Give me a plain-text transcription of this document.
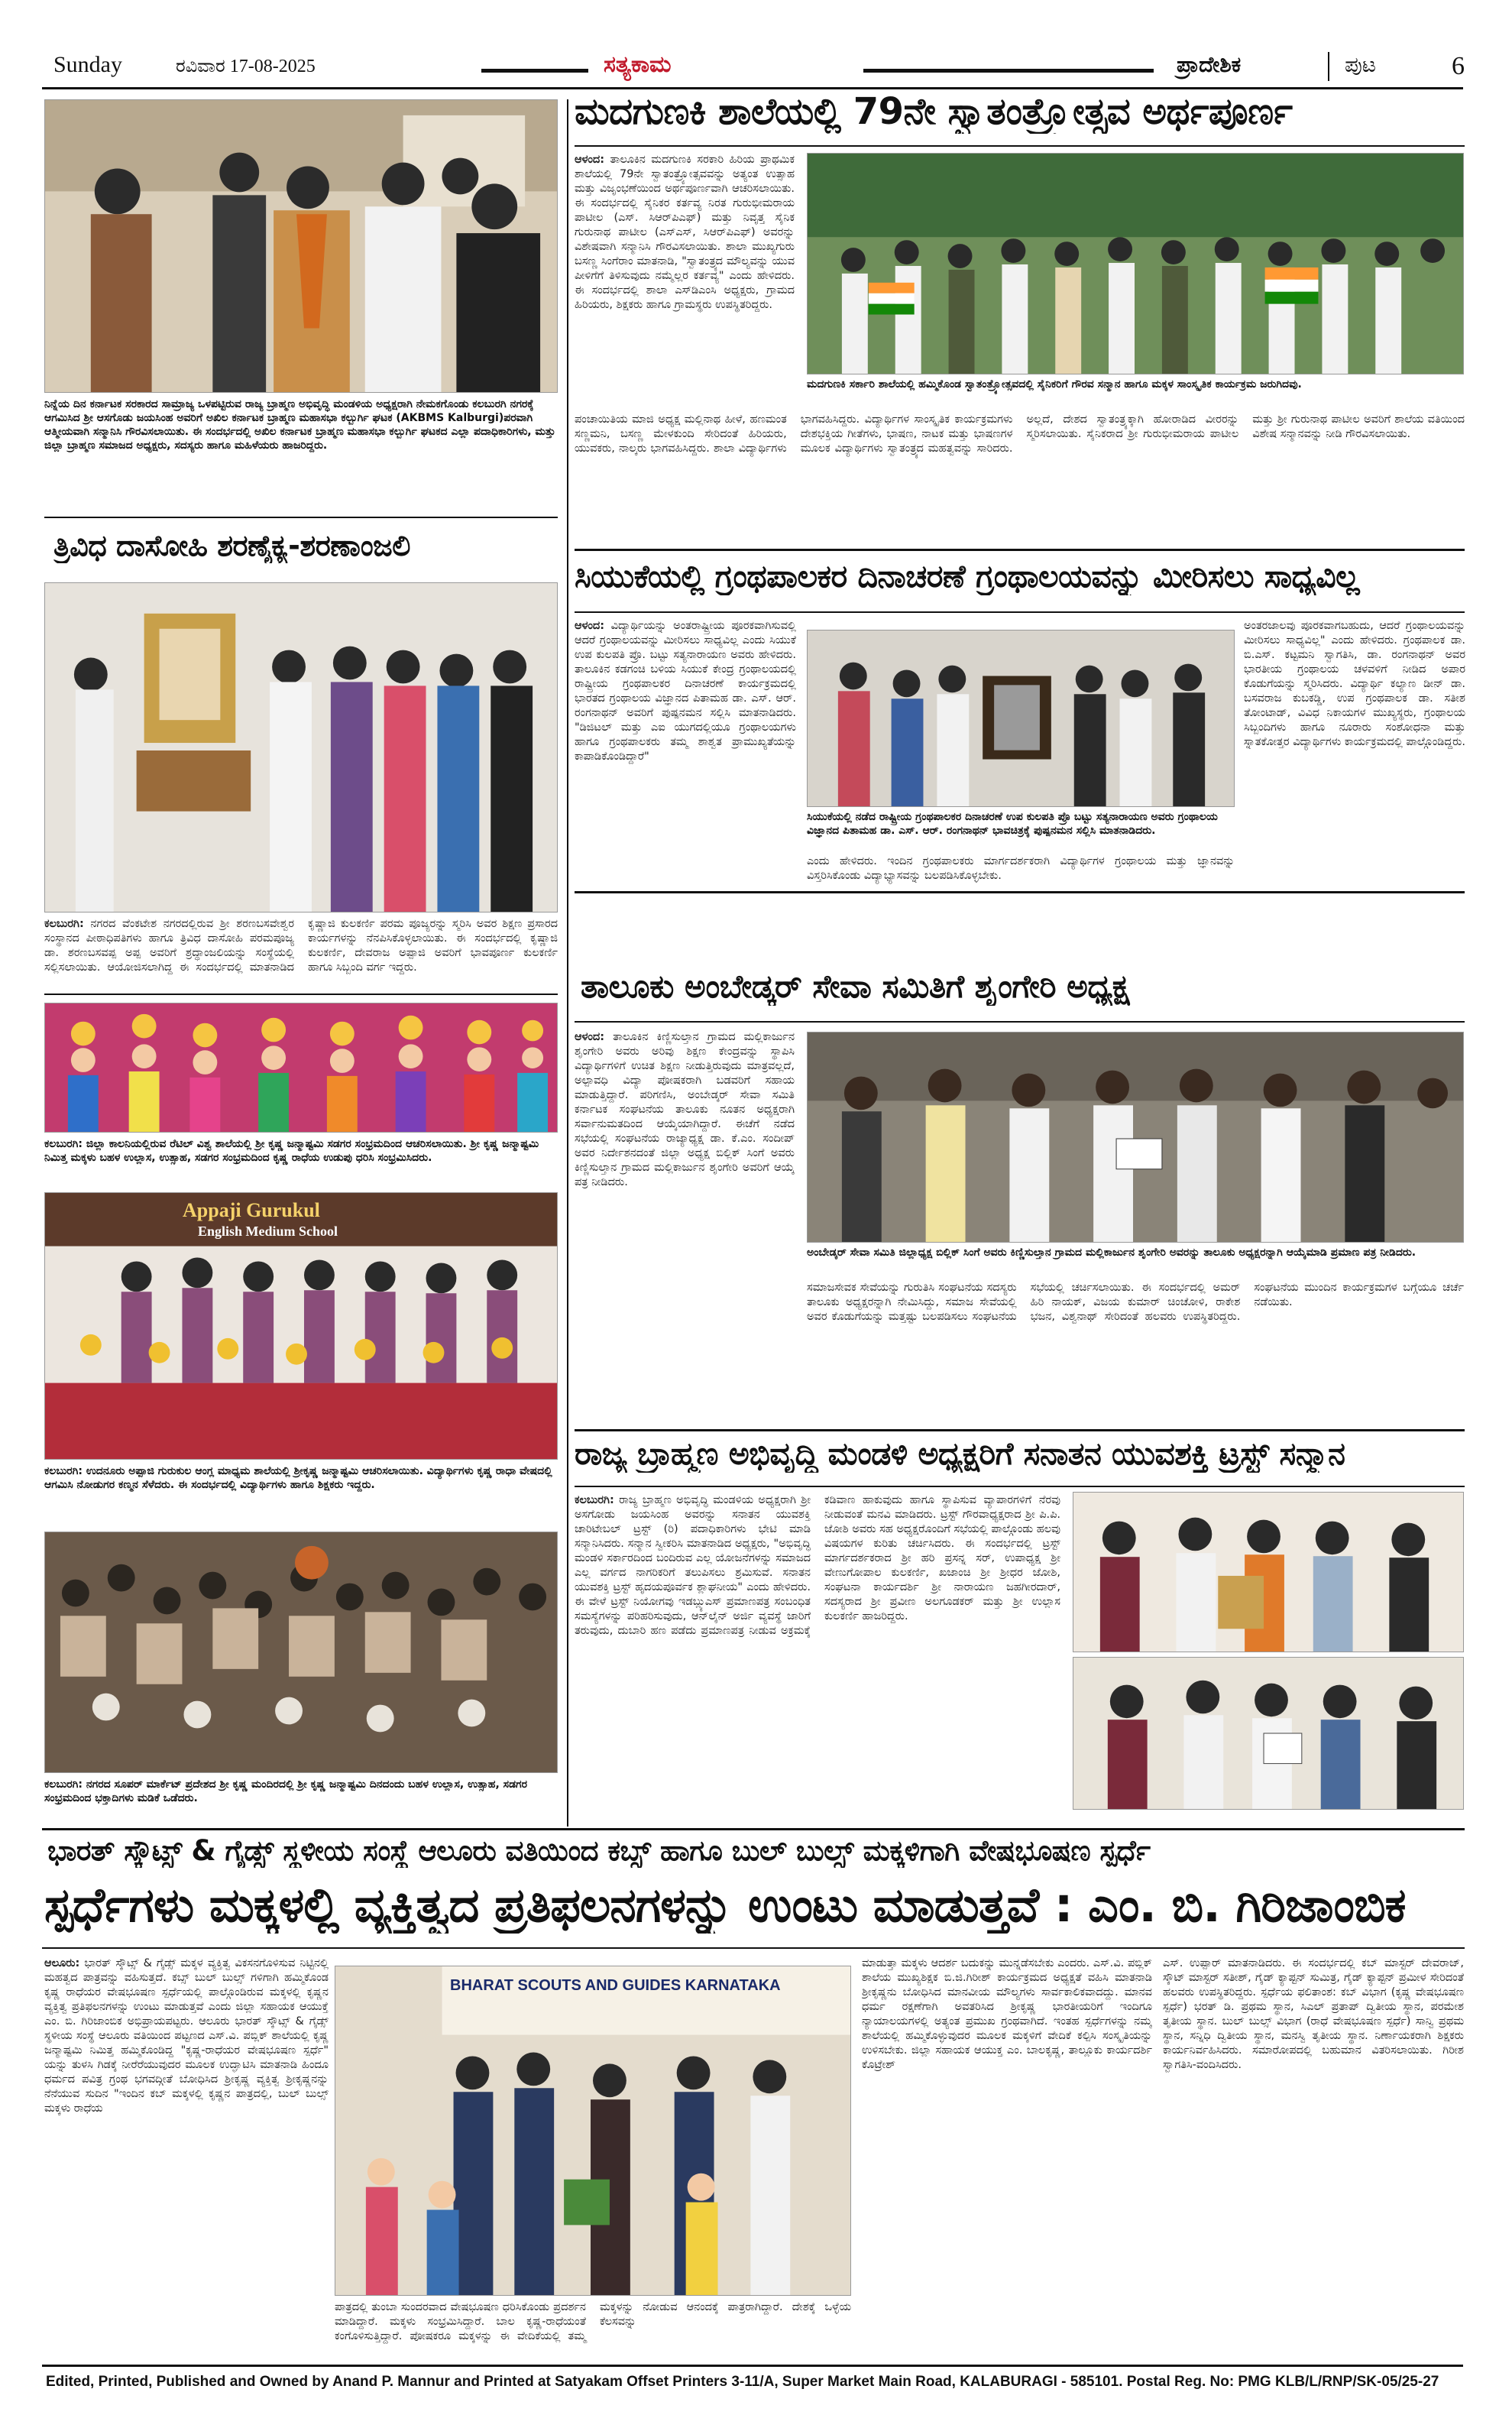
Sunday	ರವಿವಾರ 17-08-2025	ಸತ್ಯಕಾಮ	ಪ್ರಾದೇಶಿಕ	ಪುಟ	6
ನಿನ್ನೆಯ ದಿನ ಕರ್ನಾಟಕ ಸರಕಾರದ ಸಾಮ್ರಾಜ್ಯ ಒಳಪಟ್ಟಿರುವ ರಾಜ್ಯ ಬ್ರಾಹ್ಮಣ ಅಭಿವೃದ್ಧಿ ಮಂಡಳಿಯ ಅಧ್ಯಕ್ಷರಾಗಿ ನೇಮಕಗೊಂಡು ಕಲಬುರಗಿ ನಗರಕ್ಕೆ ಆಗಮಿಸಿದ ಶ್ರೀ ಆಸಗೊಡು ಜಯಸಿಂಹ ಅವರಿಗೆ ಅಖಿಲ ಕರ್ನಾಟಕ ಬ್ರಾಹ್ಮಣ ಮಹಾಸಭಾ ಕಲ್ಬುರ್ಗಿ ಘಟಕ (AKBMS Kalburgi)ಪರವಾಗಿ ಆತ್ಮೀಯವಾಗಿ ಸನ್ಮಾನಿಸಿ ಗೌರವಿಸಲಾಯಿತು. ಈ ಸಂದರ್ಭದಲ್ಲಿ ಅಖಿಲ ಕರ್ನಾಟಕ ಬ್ರಾಹ್ಮಣ ಮಹಾಸಭಾ ಕಲ್ಬುರ್ಗಿ ಘಟಕದ ಎಲ್ಲಾ ಪದಾಧಿಕಾರಿಗಳು, ಮತ್ತು ಜಿಲ್ಲಾ ಬ್ರಾಹ್ಮಣ ಸಮಾಜದ ಅಧ್ಯಕ್ಷರು, ಸದಸ್ಯರು ಹಾಗೂ ಮಹಿಳೆಯರು ಹಾಜರಿದ್ದರು.
ತ್ರಿವಿಧ ದಾಸೋಹಿ ಶರಣೈಕ್ಯ-ಶರಣಾಂಜಲಿ
ಕಲಬುರಗಿ: ನಗರದ ವೆಂಕಟೇಶ ನಗರದಲ್ಲಿರುವ ಶ್ರೀ ಶರಣಬಸವೇಶ್ವರ ಸಂಸ್ಥಾನದ ಪೀಠಾಧಿಪತಿಗಳು ಹಾಗೂ ತ್ರಿವಿಧ ದಾಸೋಹಿ ಪರಮಪೂಜ್ಯ ಡಾ. ಶರಣಬಸವಪ್ಪ ಅಪ್ಪ ಅವರಿಗೆ ಶ್ರದ್ಧಾಂಜಲಿಯನ್ನು ಸಂಸ್ಥೆಯಲ್ಲಿ ಸಲ್ಲಿಸಲಾಯಿತು. ಆಯೋಜಿಸಲಾಗಿದ್ದ ಈ ಸಂದರ್ಭದಲ್ಲಿ ಮಾತನಾಡಿದ ಕೃಷ್ಣಾಜಿ ಕುಲಕರ್ಣಿ ಪರಮ ಪೂಜ್ಯರನ್ನು ಸ್ಮರಿಸಿ ಅವರ ಶಿಕ್ಷಣ ಪ್ರಸಾರದ ಕಾರ್ಯಗಳನ್ನು ನೆನಪಿಸಿಕೊಳ್ಳಲಾಯಿತು. ಈ ಸಂದರ್ಭದಲ್ಲಿ ಕೃಷ್ಣಾಜಿ ಕುಲಕರ್ಣಿ, ದೇವರಾಜ ಅಪ್ಪಾಜಿ ಅವರಿಗೆ ಭಾವಪೂರ್ಣ ಕುಲಕರ್ಣಿ ಹಾಗೂ ಸಿಬ್ಬಂದಿ ವರ್ಗ ಇದ್ದರು.
ಕಲಬುರಗಿ: ಜಿಲ್ಲಾ ಕಾಲನಿಯಲ್ಲಿರುವ ರೆಟಿಲ್ ವಿಶ್ವ ಶಾಲೆಯಲ್ಲಿ ಶ್ರೀ ಕೃಷ್ಣ ಜನ್ಮಾಷ್ಟಮಿ ಸಡಗರ ಸಂಭ್ರಮದಿಂದ ಆಚರಿಸಲಾಯಿತು. ಶ್ರೀ ಕೃಷ್ಣ ಜನ್ಮಾಷ್ಟಮಿ ನಿಮಿತ್ತ ಮಕ್ಕಳು ಬಹಳ ಉಲ್ಲಾಸ, ಉತ್ಸಾಹ, ಸಡಗರ ಸಂಭ್ರಮದಿಂದ ಕೃಷ್ಣ ರಾಧೆಯ ಉಡುಪು ಧರಿಸಿ ಸಂಭ್ರಮಿಸಿದರು.
Appaji Gurukul
English Medium School
ಕಲಬುರಗಿ: ಉದನೂರು ಅಪ್ಪಾಜಿ ಗುರುಕುಲ ಆಂಗ್ಲ ಮಾಧ್ಯಮ ಶಾಲೆಯಲ್ಲಿ ಶ್ರೀಕೃಷ್ಣ ಜನ್ಮಾಷ್ಟಮಿ ಆಚರಿಸಲಾಯಿತು. ವಿದ್ಯಾರ್ಥಿಗಳು ಕೃಷ್ಣ ರಾಧಾ ವೇಷದಲ್ಲಿ ಆಗಮಿಸಿ ನೋಡುಗರ ಕಣ್ಮನ ಸೆಳೆದರು. ಈ ಸಂದರ್ಭದಲ್ಲಿ ವಿದ್ಯಾರ್ಥಿಗಳು ಹಾಗೂ ಶಿಕ್ಷಕರು ಇದ್ದರು.
ಕಲಬುರಗಿ: ನಗರದ ಸೂಪರ್ ಮಾರ್ಕೆಟ್ ಪ್ರದೇಶದ ಶ್ರೀ ಕೃಷ್ಣ ಮಂದಿರದಲ್ಲಿ ಶ್ರೀ ಕೃಷ್ಣ ಜನ್ಮಾಷ್ಟಮಿ ದಿನದಂದು ಬಹಳ ಉಲ್ಲಾಸ, ಉತ್ಸಾಹ, ಸಡಗರ ಸಂಭ್ರಮದಿಂದ ಭಕ್ತಾದಿಗಳು ಮಡಿಕೆ ಒಡೆದರು.
ಮದಗುಣಕಿ ಶಾಲೆಯಲ್ಲಿ 79ನೇ ಸ್ವಾತಂತ್ರ್ಯೋತ್ಸವ ಅರ್ಥಪೂರ್ಣ
ಆಳಂದ: ತಾಲೂಕಿನ ಮದಗುಣಕಿ ಸರಕಾರಿ ಹಿರಿಯ ಪ್ರಾಥಮಿಕ ಶಾಲೆಯಲ್ಲಿ 79ನೇ ಸ್ವಾತಂತ್ರ್ಯೋತ್ಸವವನ್ನು ಅತ್ಯಂತ ಉತ್ಸಾಹ ಮತ್ತು ವಿಜೃಂಭಣೆಯಿಂದ ಅರ್ಥಪೂರ್ಣವಾಗಿ ಆಚರಿಸಲಾಯಿತು. ಈ ಸಂದರ್ಭದಲ್ಲಿ ಸೈನಿಕರ ಕರ್ತವ್ಯ ನಿರತ ಗುರುಭೀಮರಾಯ ಪಾಟೀಲ (ಎಸ್. ಸಿಆರ್‌ಪಿಎಫ್) ಮತ್ತು ನಿವೃತ್ತ ಸೈನಿಕ ಗುರುನಾಥ ಪಾಟೀಲ (ಎಸ್‌ಎಸ್, ಸಿಆರ್‌ಪಿಎಫ್) ಅವರನ್ನು ವಿಶೇಷವಾಗಿ ಸನ್ಮಾನಿಸಿ ಗೌರವಿಸಲಾಯಿತು. ಶಾಲಾ ಮುಖ್ಯಗುರು ಬಸಣ್ಣ ಸಿಂಗೆರಾಂ ಮಾತನಾಡಿ, "ಸ್ವಾತಂತ್ರ್ಯದ ಮೌಲ್ಯವನ್ನು ಯುವ ಪೀಳಿಗೆಗೆ ತಿಳಿಸುವುದು ನಮ್ಮೆಲ್ಲರ ಕರ್ತವ್ಯ" ಎಂದು ಹೇಳಿದರು. ಈ ಸಂದರ್ಭದಲ್ಲಿ ಶಾಲಾ ಎಸ್‌ಡಿಎಂಸಿ ಅಧ್ಯಕ್ಷರು, ಗ್ರಾಮದ ಹಿರಿಯರು, ಶಿಕ್ಷಕರು ಹಾಗೂ ಗ್ರಾಮಸ್ಥರು ಉಪಸ್ಥಿತರಿದ್ದರು.
ಮದಗುಣಕಿ ಸರ್ಕಾರಿ ಶಾಲೆಯಲ್ಲಿ ಹಮ್ಮಿಕೊಂಡ ಸ್ವಾತಂತ್ರ್ಯೋತ್ಸವದಲ್ಲಿ ಸೈನಿಕರಿಗೆ ಗೌರವ ಸನ್ಮಾನ ಹಾಗೂ ಮಕ್ಕಳ ಸಾಂಸ್ಕೃತಿಕ ಕಾರ್ಯಕ್ರಮ ಜರುಗಿದವು.
ಪಂಚಾಯಿತಿಯ ಮಾಜಿ ಅಧ್ಯಕ್ಷ ಮಲ್ಲಿನಾಥ ಹೀಳೆ, ಹಣಮಂತ ಸಣ್ಣಮನಿ, ಬಸಣ್ಣ ಮೇಳಕುಂದಿ ಸೇರಿದಂತೆ ಹಿರಿಯರು, ಯುವಕರು, ನಾಲ್ಕರು ಭಾಗವಹಿಸಿದ್ದರು. ಶಾಲಾ ವಿದ್ಯಾರ್ಥಿಗಳು ಭಾಗವಹಿಸಿದ್ದರು. ವಿದ್ಯಾರ್ಥಿಗಳ ಸಾಂಸ್ಕೃತಿಕ ಕಾರ್ಯಕ್ರಮಗಳು ದೇಶಭಕ್ತಿಯ ಗೀತೆಗಳು, ಭಾಷಣ, ನಾಟಕ ಮತ್ತು ಭಾಷಣಗಳ ಮೂಲಕ ವಿದ್ಯಾರ್ಥಿಗಳು ಸ್ವಾತಂತ್ರ್ಯದ ಮಹತ್ವವನ್ನು ಸಾರಿದರು. ಅಲ್ಲದೆ, ದೇಶದ ಸ್ವಾತಂತ್ರ್ಯಕ್ಕಾಗಿ ಹೋರಾಡಿದ ವೀರರನ್ನು ಸ್ಮರಿಸಲಾಯಿತು. ಸೈನಿಕರಾದ ಶ್ರೀ ಗುರುಭೀಮರಾಯ ಪಾಟೀಲ ಮತ್ತು ಶ್ರೀ ಗುರುನಾಥ ಪಾಟೀಲ ಅವರಿಗೆ ಶಾಲೆಯ ವತಿಯಿಂದ ವಿಶೇಷ ಸನ್ಮಾನವನ್ನು ನೀಡಿ ಗೌರವಿಸಲಾಯಿತು.
ಸಿಯುಕೆಯಲ್ಲಿ ಗ್ರಂಥಪಾಲಕರ ದಿನಾಚರಣೆ ಗ್ರಂಥಾಲಯವನ್ನು ಮೀರಿಸಲು ಸಾಧ್ಯವಿಲ್ಲ
ಆಳಂದ: ವಿದ್ಯಾರ್ಥಿಯನ್ನು ಅಂತರಾಷ್ಟ್ರೀಯ ಪೂರಕವಾಗಿಸುವಲ್ಲಿ ಆದರೆ ಗ್ರಂಥಾಲಯವನ್ನು ಮೀರಿಸಲು ಸಾಧ್ಯವಿಲ್ಲ ಎಂದು ಸಿಯುಕೆ ಉಪ ಕುಲಪತಿ ಪ್ರೊ. ಬಟ್ಟು ಸತ್ಯನಾರಾಯಣ ಅವರು ಹೇಳಿದರು. ತಾಲೂಕಿನ ಕಡಗಂಚಿ ಬಳಿಯ ಸಿಯುಕೆ ಕೇಂದ್ರ ಗ್ರಂಥಾಲಯದಲ್ಲಿ ರಾಷ್ಟ್ರೀಯ ಗ್ರಂಥಪಾಲಕರ ದಿನಾಚರಣೆ ಕಾರ್ಯಕ್ರಮದಲ್ಲಿ ಭಾರತದ ಗ್ರಂಥಾಲಯ ವಿಜ್ಞಾನದ ಪಿತಾಮಹ ಡಾ. ಎಸ್. ಆರ್. ರಂಗನಾಥನ್ ಅವರಿಗೆ ಪುಷ್ಪನಮನ ಸಲ್ಲಿಸಿ ಮಾತನಾಡಿದರು. "ಡಿಜಿಟಲ್ ಮತ್ತು ಎಐ ಯುಗದಲ್ಲಿಯೂ ಗ್ರಂಥಾಲಯಗಳು ಹಾಗೂ ಗ್ರಂಥಪಾಲಕರು ತಮ್ಮ ಶಾಶ್ವತ ಪ್ರಾಮುಖ್ಯತೆಯನ್ನು ಕಾಪಾಡಿಕೊಂಡಿದ್ದಾರೆ"
ಸಿಯುಕೆಯಲ್ಲಿ ನಡೆದ ರಾಷ್ಟ್ರೀಯ ಗ್ರಂಥಪಾಲಕರ ದಿನಾಚರಣೆ ಉಪ ಕುಲಪತಿ ಪ್ರೊ ಬಟ್ಟು ಸತ್ಯನಾರಾಯಣ ಅವರು ಗ್ರಂಥಾಲಯ ವಿಜ್ಞಾನದ ಪಿತಾಮಹ ಡಾ. ಎಸ್. ಆರ್. ರಂಗನಾಥನ್ ಭಾವಚಿತ್ರಕ್ಕೆ ಪುಷ್ಪನಮನ ಸಲ್ಲಿಸಿ ಮಾತನಾಡಿದರು.
ಅಂತರಜಾಲವು ಪೂರಕವಾಗಬಹುದು, ಆದರೆ ಗ್ರಂಥಾಲಯವನ್ನು ಮೀರಿಸಲು ಸಾಧ್ಯವಿಲ್ಲ" ಎಂದು ಹೇಳಿದರು. ಗ್ರಂಥಪಾಲಕ ಡಾ. ಬಿ.ಎಸ್. ಕಟ್ಟಮನಿ ಸ್ವಾಗತಿಸಿ, ಡಾ. ರಂಗನಾಥನ್ ಅವರ ಭಾರತೀಯ ಗ್ರಂಥಾಲಯ ಚಳವಳಿಗೆ ನೀಡಿದ ಅಪಾರ ಕೊಡುಗೆಯನ್ನು ಸ್ಮರಿಸಿದರು. ವಿದ್ಯಾರ್ಥಿ ಕಲ್ಯಾಣ ಡೀನ್ ಡಾ. ಬಸವರಾಜ ಕುಬಕಡ್ಡಿ, ಉಪ ಗ್ರಂಥಪಾಲಕ ಡಾ. ಸತೀಶ ತೋಂಟಾಡ್, ವಿವಿಧ ನಿಕಾಯಗಳ ಮುಖ್ಯಸ್ಥರು, ಗ್ರಂಥಾಲಯ ಸಿಬ್ಬಂದಿಗಳು ಹಾಗೂ ನೂರಾರು ಸಂಶೋಧನಾ ಮತ್ತು ಸ್ನಾತಕೋತ್ತರ ವಿದ್ಯಾರ್ಥಿಗಳು ಕಾರ್ಯಕ್ರಮದಲ್ಲಿ ಪಾಲ್ಗೊಂಡಿದ್ದರು.
ಎಂದು ಹೇಳಿದರು. ಇಂದಿನ ಗ್ರಂಥಪಾಲಕರು ಮಾರ್ಗದರ್ಶಕರಾಗಿ ವಿದ್ಯಾರ್ಥಿಗಳ ಗ್ರಂಥಾಲಯ ಮತ್ತು ಜ್ಞಾನವನ್ನು ವಿಸ್ತರಿಸಿಕೊಂಡು ವಿದ್ಯಾಭ್ಯಾಸವನ್ನು ಬಲಪಡಿಸಿಕೊಳ್ಳಬೇಕು.
ತಾಲೂಕು ಅಂಬೇಡ್ಕರ್ ಸೇವಾ ಸಮಿತಿಗೆ ಶೃಂಗೇರಿ ಅಧ್ಯಕ್ಷ
ಆಳಂದ: ತಾಲೂಕಿನ ಕಿಣ್ಣಿಸುಲ್ತಾನ ಗ್ರಾಮದ ಮಲ್ಲಿಕಾರ್ಜುನ ಶೃಂಗೇರಿ ಅವರು ಅರಿವು ಶಿಕ್ಷಣ ಕೇಂದ್ರವನ್ನು ಸ್ಥಾಪಿಸಿ ವಿದ್ಯಾರ್ಥಿಗಳಿಗೆ ಉಚಿತ ಶಿಕ್ಷಣ ನೀಡುತ್ತಿರುವುದು ಮಾತ್ರವಲ್ಲದೆ, ಅಲ್ಪಾವಧಿ ವಿದ್ಯಾ ಪೋಷಕರಾಗಿ ಬಡವರಿಗೆ ಸಹಾಯ ಮಾಡುತ್ತಿದ್ದಾರೆ. ಪರಿಗಣಿಸಿ, ಅಂಬೇಡ್ಕರ್ ಸೇವಾ ಸಮಿತಿ ಕರ್ನಾಟಕ ಸಂಘಟನೆಯ ತಾಲೂಕು ನೂತನ ಅಧ್ಯಕ್ಷರಾಗಿ ಸರ್ವಾನುಮತದಿಂದ ಆಯ್ಕೆಯಾಗಿದ್ದಾರೆ. ಈಚೆಗೆ ನಡೆದ ಸಭೆಯಲ್ಲಿ ಸಂಘಟನೆಯ ರಾಜ್ಯಾಧ್ಯಕ್ಷ ಡಾ. ಕೆ.ಎಂ. ಸಂದೀಪ್ ಅವರ ನಿರ್ದೇಶನದಂತೆ ಜಿಲ್ಲಾ ಅಧ್ಯಕ್ಷ ಬಿಲ್ಲಿಕ್ ಸಿಂಗೆ ಅವರು ಕಿಣ್ಣಿಸುಲ್ತಾನ ಗ್ರಾಮದ ಮಲ್ಲಿಕಾರ್ಜುನ ಶೃಂಗೇರಿ ಅವರಿಗೆ ಆಯ್ಕೆ ಪತ್ರ ನೀಡಿದರು.
ಅಂಬೇಡ್ಕರ್ ಸೇವಾ ಸಮಿತಿ ಜಿಲ್ಲಾಧ್ಯಕ್ಷ ಬಿಲ್ಲಿಕ್ ಸಿಂಗೆ ಅವರು ಕಿಣ್ಣಿಸುಲ್ತಾನ ಗ್ರಾಮದ ಮಲ್ಲಿಕಾರ್ಜುನ ಶೃಂಗೇರಿ ಅವರನ್ನು ತಾಲೂಕು ಅಧ್ಯಕ್ಷರನ್ನಾಗಿ ಆಯ್ಕೆಮಾಡಿ ಪ್ರಮಾಣ ಪತ್ರ ನೀಡಿದರು.
ಸಮಾಜಸೇವಕ ಸೇವೆಯನ್ನು ಗುರುತಿಸಿ ಸಂಘಟನೆಯ ಸದಸ್ಯರು ತಾಲೂಕು ಅಧ್ಯಕ್ಷರನ್ನಾಗಿ ನೇಮಿಸಿದ್ದು, ಸಮಾಜ ಸೇವೆಯಲ್ಲಿ ಅವರ ಕೊಡುಗೆಯನ್ನು ಮತ್ತಷ್ಟು ಬಲಪಡಿಸಲು ಸಂಘಟನೆಯ ಸಭೆಯಲ್ಲಿ ಚರ್ಚಿಸಲಾಯಿತು. ಈ ಸಂದರ್ಭದಲ್ಲಿ ಅಮರ್ ಹಿರಿ ನಾಯಕ್, ವಿಜಯ ಕುಮಾರ್ ಚಿಂಚೋಳಿ, ರಾಕೇಶ ಭಜನ, ವಿಶ್ವನಾಥ್ ಸೇರಿದಂತೆ ಹಲವರು ಉಪಸ್ಥಿತರಿದ್ದರು. ಸಂಘಟನೆಯ ಮುಂದಿನ ಕಾರ್ಯಕ್ರಮಗಳ ಬಗ್ಗೆಯೂ ಚರ್ಚೆ ನಡೆಯಿತು.
ರಾಜ್ಯ ಬ್ರಾಹ್ಮಣ ಅಭಿವೃದ್ಧಿ ಮಂಡಳಿ ಅಧ್ಯಕ್ಷರಿಗೆ ಸನಾತನ ಯುವಶಕ್ತಿ ಟ್ರಸ್ಟ್ ಸನ್ಮಾನ
ಕಲಬುರಗಿ: ರಾಜ್ಯ ಬ್ರಾಹ್ಮಣ ಅಭಿವೃದ್ಧಿ ಮಂಡಳಿಯ ಅಧ್ಯಕ್ಷರಾಗಿ ಶ್ರೀ ಅಸಗೋಡು ಜಯಸಿಂಹ ಅವರನ್ನು ಸನಾತನ ಯುವಶಕ್ತಿ ಚಾರಿಟೇಬಲ್ ಟ್ರಸ್ಟ್ (ರಿ) ಪದಾಧಿಕಾರಿಗಳು ಭೇಟಿ ಮಾಡಿ ಸನ್ಮಾನಿಸಿದರು. ಸನ್ಮಾನ ಸ್ವೀಕರಿಸಿ ಮಾತನಾಡಿದ ಅಧ್ಯಕ್ಷರು, "ಅಭಿವೃದ್ಧಿ ಮಂಡಳಿ ಸರ್ಕಾರದಿಂದ ಬಂದಿರುವ ಎಲ್ಲ ಯೋಜನೆಗಳನ್ನು ಸಮಾಜದ ಎಲ್ಲ ವರ್ಗದ ನಾಗರಿಕರಿಗೆ ತಲುಪಿಸಲು ಶ್ರಮಿಸುವೆ. ಸನಾತನ ಯುವಶಕ್ತಿ ಟ್ರಸ್ಟ್ ಹೃದಯಪೂರ್ವಕ ಶ್ಲಾಘನೀಯ" ಎಂದು ಹೇಳಿದರು. ಈ ವೇಳೆ ಟ್ರಸ್ಟ್ ನಿಯೋಗವು ಇಡಬ್ಲ್ಯುಎಸ್ ಪ್ರಮಾಣಪತ್ರ ಸಂಬಂಧಿತ ಸಮಸ್ಯೆಗಳನ್ನು ಪರಿಹರಿಸುವುದು, ಆನ್‌ಲೈನ್ ಅರ್ಜಿ ವ್ಯವಸ್ಥೆ ಜಾರಿಗೆ ತರುವುದು, ದುಬಾರಿ ಹಣ ಪಡೆದು ಪ್ರಮಾಣಪತ್ರ ನೀಡುವ ಅಕ್ರಮಕ್ಕೆ ಕಡಿವಾಣ ಹಾಕುವುದು ಹಾಗೂ ಸ್ಥಾಪಿಸುವ ವ್ಯಾಪಾರಗಳಿಗೆ ನೆರವು ನೀಡುವಂತೆ ಮನವಿ ಮಾಡಿದರು. ಟ್ರಸ್ಟ್ ಗೌರವಾಧ್ಯಕ್ಷರಾದ ಶ್ರೀ ಪಿ.ಪಿ. ಜೋಶಿ ಅವರು ಸಹ ಅಧ್ಯಕ್ಷರೊಂದಿಗೆ ಸಭೆಯಲ್ಲಿ ಪಾಲ್ಗೊಂಡು ಹಲವು ವಿಷಯಗಳ ಕುರಿತು ಚರ್ಚಿಸಿದರು. ಈ ಸಂದರ್ಭದಲ್ಲಿ ಟ್ರಸ್ಟ್ ಮಾರ್ಗದರ್ಶಕರಾದ ಶ್ರೀ ಹರಿ ಪ್ರಸನ್ನ ಸರ್, ಉಪಾಧ್ಯಕ್ಷ ಶ್ರೀ ವೇಣುಗೋಪಾಲ ಕುಲಕರ್ಣಿ, ಖಜಾಂಚಿ ಶ್ರೀ ಶ್ರೀಧರ ಜೋಶಿ, ಸಂಘಟನಾ ಕಾರ್ಯದರ್ಶಿ ಶ್ರೀ ನಾರಾಯಣ ಜಹಗೀರದಾರ್, ಸದಸ್ಯರಾದ ಶ್ರೀ ಪ್ರವೀಣ ಅಲಗೂಡಕರ್ ಮತ್ತು ಶ್ರೀ ಉಲ್ಲಾಸ ಕುಲಕರ್ಣಿ ಹಾಜರಿದ್ದರು.
ಭಾರತ್ ಸ್ಕೌಟ್ಸ್ & ಗೈಡ್ಸ್ ಸ್ಥಳೀಯ ಸಂಸ್ಥೆ ಆಲೂರು ವತಿಯಿಂದ ಕಬ್ಸ್ ಹಾಗೂ ಬುಲ್ ಬುಲ್ಸ್ ಮಕ್ಕಳಿಗಾಗಿ ವೇಷಭೂಷಣ ಸ್ಪರ್ಧೆ
ಸ್ಪರ್ಧೆಗಳು ಮಕ್ಕಳಲ್ಲಿ ವ್ಯಕ್ತಿತ್ವದ ಪ್ರತಿಫಲನಗಳನ್ನು ಉಂಟು ಮಾಡುತ್ತವೆ : ಎಂ. ಬಿ. ಗಿರಿಜಾಂಬಿಕ
ಆಲೂರು: ಭಾರತ್ ಸ್ಕೌಟ್ಸ್ & ಗೈಡ್ಸ್ ಮಕ್ಕಳ ವ್ಯಕ್ತಿತ್ವ ವಿಕಸನಗೊಳಿಸುವ ನಿಟ್ಟಿನಲ್ಲಿ ಮಹತ್ವದ ಪಾತ್ರವನ್ನು ವಹಿಸುತ್ತದೆ. ಕಬ್ಸ್ ಬುಲ್ ಬುಲ್ಸ್ ಗಳಿಗಾಗಿ ಹಮ್ಮಿಕೊಂಡ ಕೃಷ್ಣ ರಾಧೆಯರ ವೇಷಭೂಷಣ ಸ್ಪರ್ಧೆಯಲ್ಲಿ ಪಾಲ್ಗೊಂಡಿರುವ ಮಕ್ಕಳಲ್ಲಿ ಕೃಷ್ಣನ ವ್ಯಕ್ತಿತ್ವ ಪ್ರತಿಫಲನಗಳನ್ನು ಉಂಟು ಮಾಡುತ್ತವೆ ಎಂದು ಜಿಲ್ಲಾ ಸಹಾಯಕ ಆಯುಕ್ತೆ ಎಂ. ಬಿ. ಗಿರಿಜಾಂಬಿಕ ಅಭಿಪ್ರಾಯಪಟ್ಟರು. ಆಲೂರು ಭಾರತ್ ಸ್ಕೌಟ್ಸ್ & ಗೈಡ್ಸ್ ಸ್ಥಳೀಯ ಸಂಸ್ಥೆ ಆಲೂರು ವತಿಯಿಂದ ಪಟ್ಟಣದ ಎಸ್.ವಿ. ಪಬ್ಲಿಕ್ ಶಾಲೆಯಲ್ಲಿ ಕೃಷ್ಣ ಜನ್ಮಾಷ್ಟಮಿ ನಿಮಿತ್ತ ಹಮ್ಮಿಕೊಂಡಿದ್ದ "ಕೃಷ್ಣ-ರಾಧೆಯರ ವೇಷಭೂಷಣ ಸ್ಪರ್ಧೆ" ಯನ್ನು ತುಳಸಿ ಗಿಡಕ್ಕೆ ನೀರೆರೆಯುವುದರ ಮೂಲಕ ಉದ್ಘಾಟಿಸಿ ಮಾತನಾಡಿ ಹಿಂದೂ ಧರ್ಮದ ಪವಿತ್ರ ಗ್ರಂಥ ಭಗವದ್ಗೀತೆ ಬೋಧಿಸಿದ ಶ್ರೀಕೃಷ್ಣ ವ್ಯಕ್ತಿತ್ವ ಶ್ರೀಕೃಷ್ಣನನ್ನು ನೆನೆಯುವ ಸುದಿನ "ಇಂದಿನ ಕಬ್ ಮಕ್ಕಳಲ್ಲಿ ಕೃಷ್ಣನ ಪಾತ್ರದಲ್ಲಿ, ಬುಲ್ ಬುಲ್ಸ್ ಮಕ್ಕಳು ರಾಧೆಯ
BHARAT SCOUTS AND GUIDES KARNATAKA
ಪಾತ್ರದಲ್ಲಿ ತುಂಬಾ ಸುಂದರವಾದ ವೇಷಭೂಷಣ ಧರಿಸಿಕೊಂಡು ಪ್ರದರ್ಶನ ಮಾಡಿದ್ದಾರೆ. ಮಕ್ಕಳು ಸಂಭ್ರಮಿಸಿದ್ದಾರೆ. ಬಾಲ ಕೃಷ್ಣ-ರಾಧೆಯಂತೆ ಕಂಗೊಳಿಸುತ್ತಿದ್ದಾರೆ. ಪೋಷಕರೂ ಮಕ್ಕಳನ್ನು ಈ ವೇದಿಕೆಯಲ್ಲಿ ತಮ್ಮ ಮಕ್ಕಳನ್ನು ನೋಡುವ ಆನಂದಕ್ಕೆ ಪಾತ್ರರಾಗಿದ್ದಾರೆ. ದೇಶಕ್ಕೆ ಒಳ್ಳೆಯ ಕೆಲಸವನ್ನು
ಮಾಡುತ್ತಾ ಮಕ್ಕಳು ಆದರ್ಶ ಬದುಕನ್ನು ಮುನ್ನಡೆಸಬೇಕು ಎಂದರು. ಎಸ್.ವಿ. ಪಬ್ಲಿಕ್ ಶಾಲೆಯ ಮುಖ್ಯಶಿಕ್ಷಕ ಬಿ.ಜಿ.ಗಿರೀಶ್ ಕಾರ್ಯಕ್ರಮದ ಅಧ್ಯಕ್ಷತೆ ವಹಿಸಿ ಮಾತನಾಡಿ ಶ್ರೀಕೃಷ್ಣನು ಬೋಧಿಸಿದ ಮಾನವೀಯ ಮೌಲ್ಯಗಳು ಸಾರ್ವಕಾಲಿಕವಾದದ್ದು. ಮಾನವ ಧರ್ಮ ರಕ್ಷಣೆಗಾಗಿ ಅವತರಿಸಿದ ಶ್ರೀಕೃಷ್ಣ ಭಾರತೀಯರಿಗೆ ಇಂದಿಗೂ ನ್ಯಾಯಾಲಯಗಳಲ್ಲಿ ಅತ್ಯಂತ ಪ್ರಮುಖ ಗ್ರಂಥವಾಗಿದೆ. ಇಂತಹ ಸ್ಪರ್ಧೆಗಳನ್ನು ನಮ್ಮ ಶಾಲೆಯಲ್ಲಿ ಹಮ್ಮಿಕೊಳ್ಳುವುದರ ಮೂಲಕ ಮಕ್ಕಳಿಗೆ ವೇದಿಕೆ ಕಲ್ಪಿಸಿ ಸಂಸ್ಕೃತಿಯನ್ನು ಉಳಿಸಬೇಕು. ಜಿಲ್ಲಾ ಸಹಾಯಕ ಆಯುಕ್ತ ಎಂ. ಬಾಲಕೃಷ್ಣ, ತಾಲ್ಲೂಕು ಕಾರ್ಯದರ್ಶಿ ಕೊಟ್ರೇಶ್
ಎಸ್. ಉಪ್ಪಾರ್ ಮಾತನಾಡಿದರು. ಈ ಸಂದರ್ಭದಲ್ಲಿ ಕಬ್ ಮಾಸ್ಟರ್ ದೇವರಾಜ್, ಸ್ಕೌಟ್ ಮಾಸ್ಟರ್ ಸತೀಶ್, ಗೈಡ್ ಕ್ಯಾಪ್ಟನ್ ಸುಮಿತ್ರ, ಗೈಡ್ ಕ್ಯಾಪ್ಟನ್ ಪ್ರಮೀಳ ಸೇರಿದಂತೆ ಹಲವರು ಉಪಸ್ಥಿತರಿದ್ದರು. ಸ್ಪರ್ಧೆಯ ಫಲಿತಾಂಶ: ಕಬ್ ವಿಭಾಗ (ಕೃಷ್ಣ ವೇಷಭೂಷಣ ಸ್ಪರ್ಧೆ) ಭರತ್ ಡಿ. ಪ್ರಥಮ ಸ್ಥಾನ, ಸಿಎಲ್ ಪ್ರತಾಪ್ ದ್ವಿತೀಯ ಸ್ಥಾನ, ಪರಮೇಶ ತೃತೀಯ ಸ್ಥಾನ. ಬುಲ್ ಬುಲ್ಸ್ ವಿಭಾಗ (ರಾಧೆ ವೇಷಭೂಷಣ ಸ್ಪರ್ಧೆ) ಸಾನ್ವಿ ಪ್ರಥಮ ಸ್ಥಾನ, ಸನ್ನಿಧಿ ದ್ವಿತೀಯ ಸ್ಥಾನ, ಮನಸ್ವಿ ತೃತೀಯ ಸ್ಥಾನ. ನಿರ್ಣಾಯಕರಾಗಿ ಶಿಕ್ಷಕರು ಕಾರ್ಯನಿರ್ವಹಿಸಿದರು. ಸಮಾರೋಪದಲ್ಲಿ ಬಹುಮಾನ ವಿತರಿಸಲಾಯಿತು. ಗಿರೀಶ ಸ್ವಾಗತಿಸಿ-ವಂದಿಸಿದರು.
Edited, Printed, Published and Owned by Anand P. Mannur and Printed at Satyakam Offset Printers 3-11/A, Super Market Main Road, KALABURAGI - 585101. Postal Reg. No: PMG KLB/L/RNP/SK-05/25-27
